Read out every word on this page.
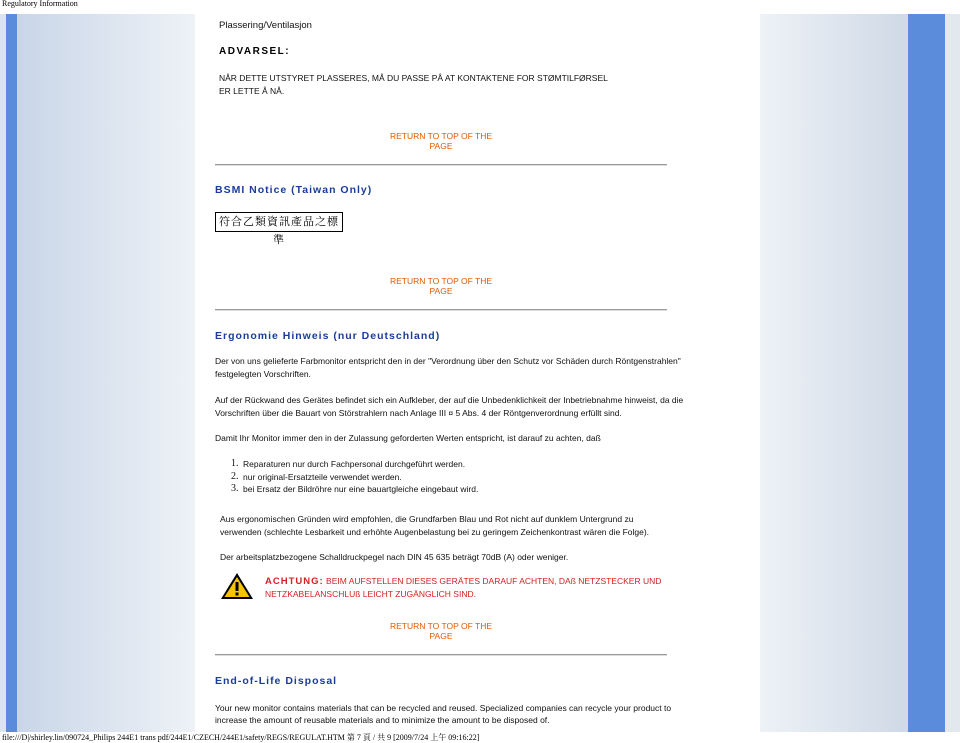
Regulatory Information
Plassering/Ventilasjon
ADVARSEL:
NÅR DETTE UTSTYRET PLASSERES, MÅ DU PASSE PÅ AT KONTAKTENE FOR STØMTILFØRSEL
ER LETTE Å NÅ.
RETURN TO TOP OF THE PAGE
BSMI Notice (Taiwan Only)
符合乙類資訊產品之標準
RETURN TO TOP OF THE PAGE
Ergonomie Hinweis (nur Deutschland)
Der von uns gelieferte Farbmonitor entspricht den in der "Verordnung über den Schutz vor Schäden durch Röntgenstrahlen"
festgelegten Vorschriften.
Auf der Rückwand des Gerätes befindet sich ein Aufkleber, der auf die Unbedenklichkeit der Inbetriebnahme hinweist, da die
Vorschriften über die Bauart von Störstrahlern nach Anlage III ¤ 5 Abs. 4 der Röntgenverordnung erfüllt sind.
Damit Ihr Monitor immer den in der Zulassung geforderten Werten entspricht, ist darauf zu achten, daß
1. Reparaturen nur durch Fachpersonal durchgeführt werden.
2. nur original-Ersatzteile verwendet werden.
3. bei Ersatz der Bildröhre nur eine bauartgleiche eingebaut wird.
Aus ergonomischen Gründen wird empfohlen, die Grundfarben Blau und Rot nicht auf dunklem Untergrund zu
verwenden (schlechte Lesbarkeit und erhöhte Augenbelastung bei zu geringem Zeichenkontrast wären die Folge).
Der arbeitsplatzbezogene Schalldruckpegel nach DIN 45 635 beträgt 70dB (A) oder weniger.
ACHTUNG: BEIM AUFSTELLEN DIESES GERÄTES DARAUF ACHTEN, DAß NETZSTECKER UND
NETZKABELANSCHLUß LEICHT ZUGÄNGLICH SIND.
RETURN TO TOP OF THE PAGE
End-of-Life Disposal
Your new monitor contains materials that can be recycled and reused. Specialized companies can recycle your product to
increase the amount of reusable materials and to minimize the amount to be disposed of.
file:///D|/shirley.lin/090724_Philips 244E1 trans pdf/244E1/CZECH/244E1/safety/REGS/REGULAT.HTM 第 7 頁 / 共 9 [2009/7/24 上午 09:16:22]
